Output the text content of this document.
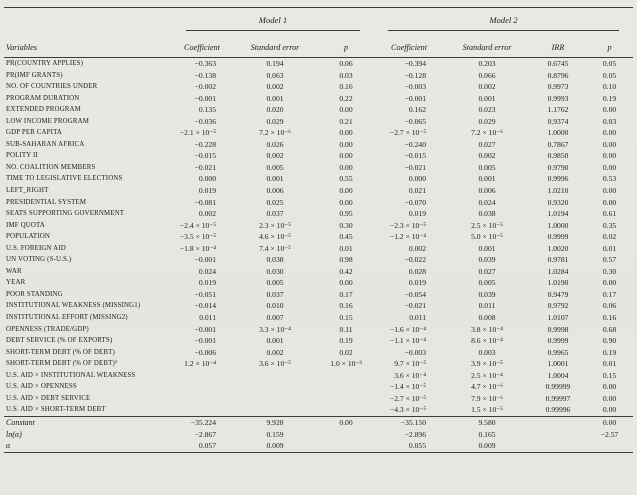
	Model 1			Model 2			

Variables	Coefficient	Standard error	p	Coefficient	Standard error	IRR	p
PR(COUNTRY APPLIES)	−0.363	0.194	0.06	−0.394	0.203	0.6745	0.05
PR(IMF GRANTS)	−0.138	0.063	0.03	−0.128	0.066	0.8796	0.05
NO. OF COUNTRIES UNDER	−0.002	0.002	0.16	−0.003	0.002	0.9973	0.10
PROGRAM DURATION	−0.001	0.001	0.22	−0.001	0.001	0.9993	0.19
EXTENDED PROGRAM	0.135	0.020	0.00	0.162	0.023	1.1762	0.00
LOW INCOME PROGRAM	−0.036	0.029	0.21	−0.065	0.029	0.9374	0.03
GDP PER CAPITA	−2.1 × 10⁻⁵	7.2 × 10⁻⁶	0.00	−2.7 × 10⁻⁵	7.2 × 10⁻⁶	1.0000	0.00
SUB-SAHARAN AFRICA	−0.228	0.026	0.00	−0.240	0.027	0.7867	0.00
POLITY II	−0.015	0.002	0.00	−0.015	0.002	0.9850	0.00
NO. COALITION MEMBERS	−0.021	0.005	0.00	−0.021	0.005	0.9790	0.00
TIME TO LEGISLATIVE ELECTIONS	0.000	0.001	0.55	0.000	0.001	0.9996	0.53
LEFT_RIGHT	0.019	0.006	0.00	0.021	0.006	1.0210	0.00
PRESIDENTIAL SYSTEM	−0.081	0.025	0.00	−0.070	0.024	0.9320	0.00
SEATS SUPPORTING GOVERNMENT	0.002	0.037	0.95	0.019	0.038	1.0194	0.61
IMF QUOTA	−2.4 × 10⁻⁵	2.3 × 10⁻⁵	0.30	−2.3 × 10⁻⁵	2.5 × 10⁻⁵	1.0000	0.35
POPULATION	−3.5 × 10⁻⁵	4.6 × 10⁻⁵	0.45	−1.2 × 10⁻⁴	5.0 × 10⁻⁵	0.9999	0.02
U.S. FOREIGN AID	−1.8 × 10⁻⁴	7.4 × 10⁻⁵	0.01	0.002	0.001	1.0020	0.01
UN VOTING (S-U.S.)	−0.001	0.038	0.98	−0.022	0.039	0.9781	0.57
WAR	0.024	0.030	0.42	0.028	0.027	1.0284	0.30
YEAR	0.019	0.005	0.00	0.019	0.005	1.0190	0.00
POOR STANDING	−0.051	0.037	0.17	−0.054	0.039	0.9479	0.17
INSTITUTIONAL WEAKNESS (MISSING1)	−0.014	0.010	0.16	−0.021	0.011	0.9792	0.06
INSTITUTIONAL EFFORT (MISSING2)	0.011	0.007	0.15	0.011	0.008	1.0107	0.16
OPENNESS (TRADE/GDP)	−0.001	3.3 × 10⁻⁴	0.11	−1.6 × 10⁻⁴	3.8 × 10⁻⁴	0.9998	0.68
DEBT SERVICE (% OF EXPORTS)	−0.001	0.001	0.19	−1.1 × 10⁻⁴	8.6 × 10⁻⁴	0.9999	0.90
SHORT-TERM DEBT (% OF DEBT)	−0.006	0.002	0.02	−0.003	0.003	0.9965	0.19
SHORT-TERM DEBT (% OF DEBT)²	1.2 × 10⁻⁴	3.6 × 10⁻⁵	1.0 × 10⁻³	9.7 × 10⁻⁵	3.9 × 10⁻⁵	1.0001	0.01
U.S. AID × INSTITUTIONAL WEAKNESS				3.6 × 10⁻⁴	2.5 × 10⁻⁴	1.0004	0.15
U.S. AID × OPENNESS				−1.4 × 10⁻⁵	4.7 × 10⁻⁶	0.99999	0.00
U.S. AID × DEBT SERVICE				−2.7 × 10⁻⁵	7.9 × 10⁻⁶	0.99997	0.00
U.S. AID × SHORT-TERM DEBT				−4.3 × 10⁻⁵	1.5 × 10⁻⁵	0.99996	0.00
Constant	−35.224	9.928	0.00	−35.150	9.580		0.00
ln(α)	−2.867	0.159		−2.896	0.165		−2.57
α	0.057	0.009		0.055	0.009		
